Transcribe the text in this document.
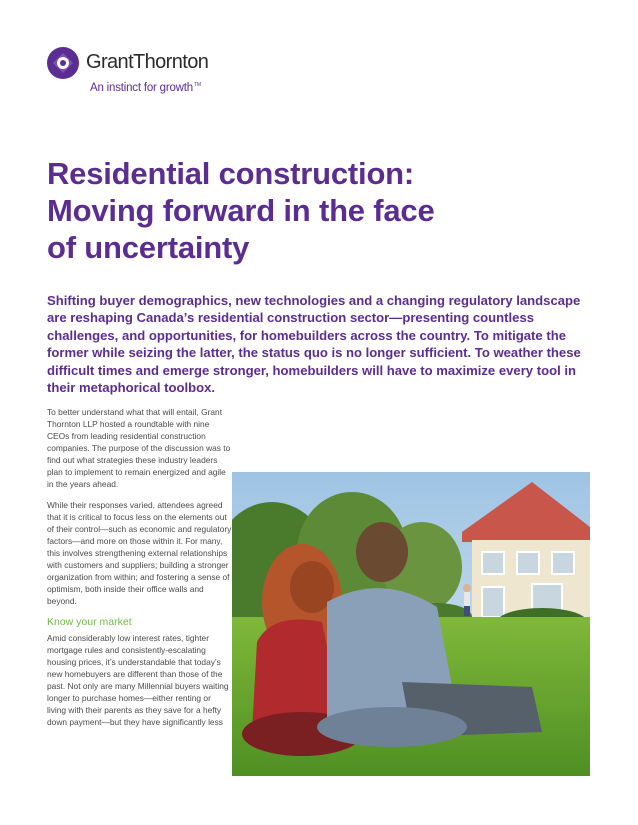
GrantThornton
An instinct for growth™
Residential construction:
Moving forward in the face
of uncertainty

Shifting buyer demographics, new technologies and a changing regulatory landscape are reshaping Canada’s residential construction sector—presenting countless challenges, and opportunities, for homebuilders across the country. To mitigate the former while seizing the latter, the status quo is no longer sufficient. To weather these difficult times and emerge stronger, homebuilders will have to maximize every tool in their metaphorical toolbox.

To better understand what that will entail, Grant Thornton LLP hosted a roundtable with nine CEOs from leading residential construction companies. The purpose of the discussion was to find out what strategies these industry leaders plan to implement to remain energized and agile in the years ahead.

While their responses varied, attendees agreed that it is critical to focus less on the elements out of their control—such as economic and regulatory factors—and more on those within it. For many, this involves strengthening external relationships with customers and suppliers; building a stronger organization from within; and fostering a sense of optimism, both inside their office walls and beyond.

Know your market

Amid considerably low interest rates, tighter mortgage rules and consistently-escalating housing prices, it’s understandable that today’s new homebuyers are different than those of the past. Not only are many Millennial buyers waiting longer to purchase homes—either renting or living with their parents as they save for a hefty down payment—but they have significantly less
